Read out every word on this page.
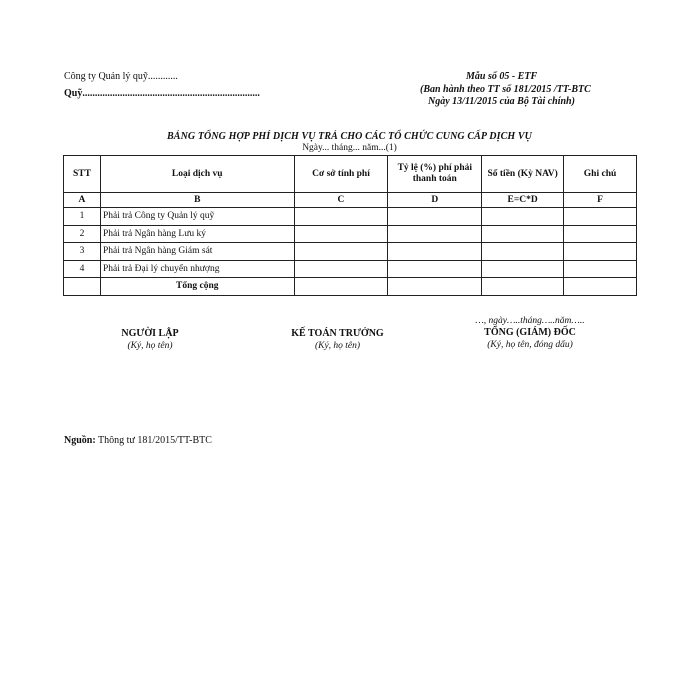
Công ty Quản lý quỹ............
Quỹ.......................................................................
Mẫu số 05 - ETF
(Ban hành theo TT số 181/2015 /TT-BTC
Ngày 13/11/2015 của Bộ Tài chính)
BẢNG TỔNG HỢP PHÍ DỊCH VỤ TRẢ CHO CÁC TỔ CHỨC CUNG CẤP DỊCH VỤ
Ngày... tháng... năm...(1)
STT	Loại dịch vụ	Cơ sở tính phí	Tỷ lệ (%) phí phải thanh toán	Số tiền (Kỳ NAV)	Ghi chú
A	B	C	D	E=C*D	F
1	Phải trả Công ty Quản lý quỹ				
2	Phải trả Ngân hàng Lưu ký				
3	Phải trả Ngân hàng Giám sát				
4	Phải trả Đại lý chuyển nhượng				
	Tổng cộng				
NGƯỜI LẬP
(Ký, họ tên)
KẾ TOÁN TRƯỞNG
(Ký, họ tên)
…, ngày…..tháng…..năm…..
TỔNG (GIÁM) ĐỐC
(Ký, họ tên, đóng dấu)
Nguồn: Thông tư 181/2015/TT-BTC
